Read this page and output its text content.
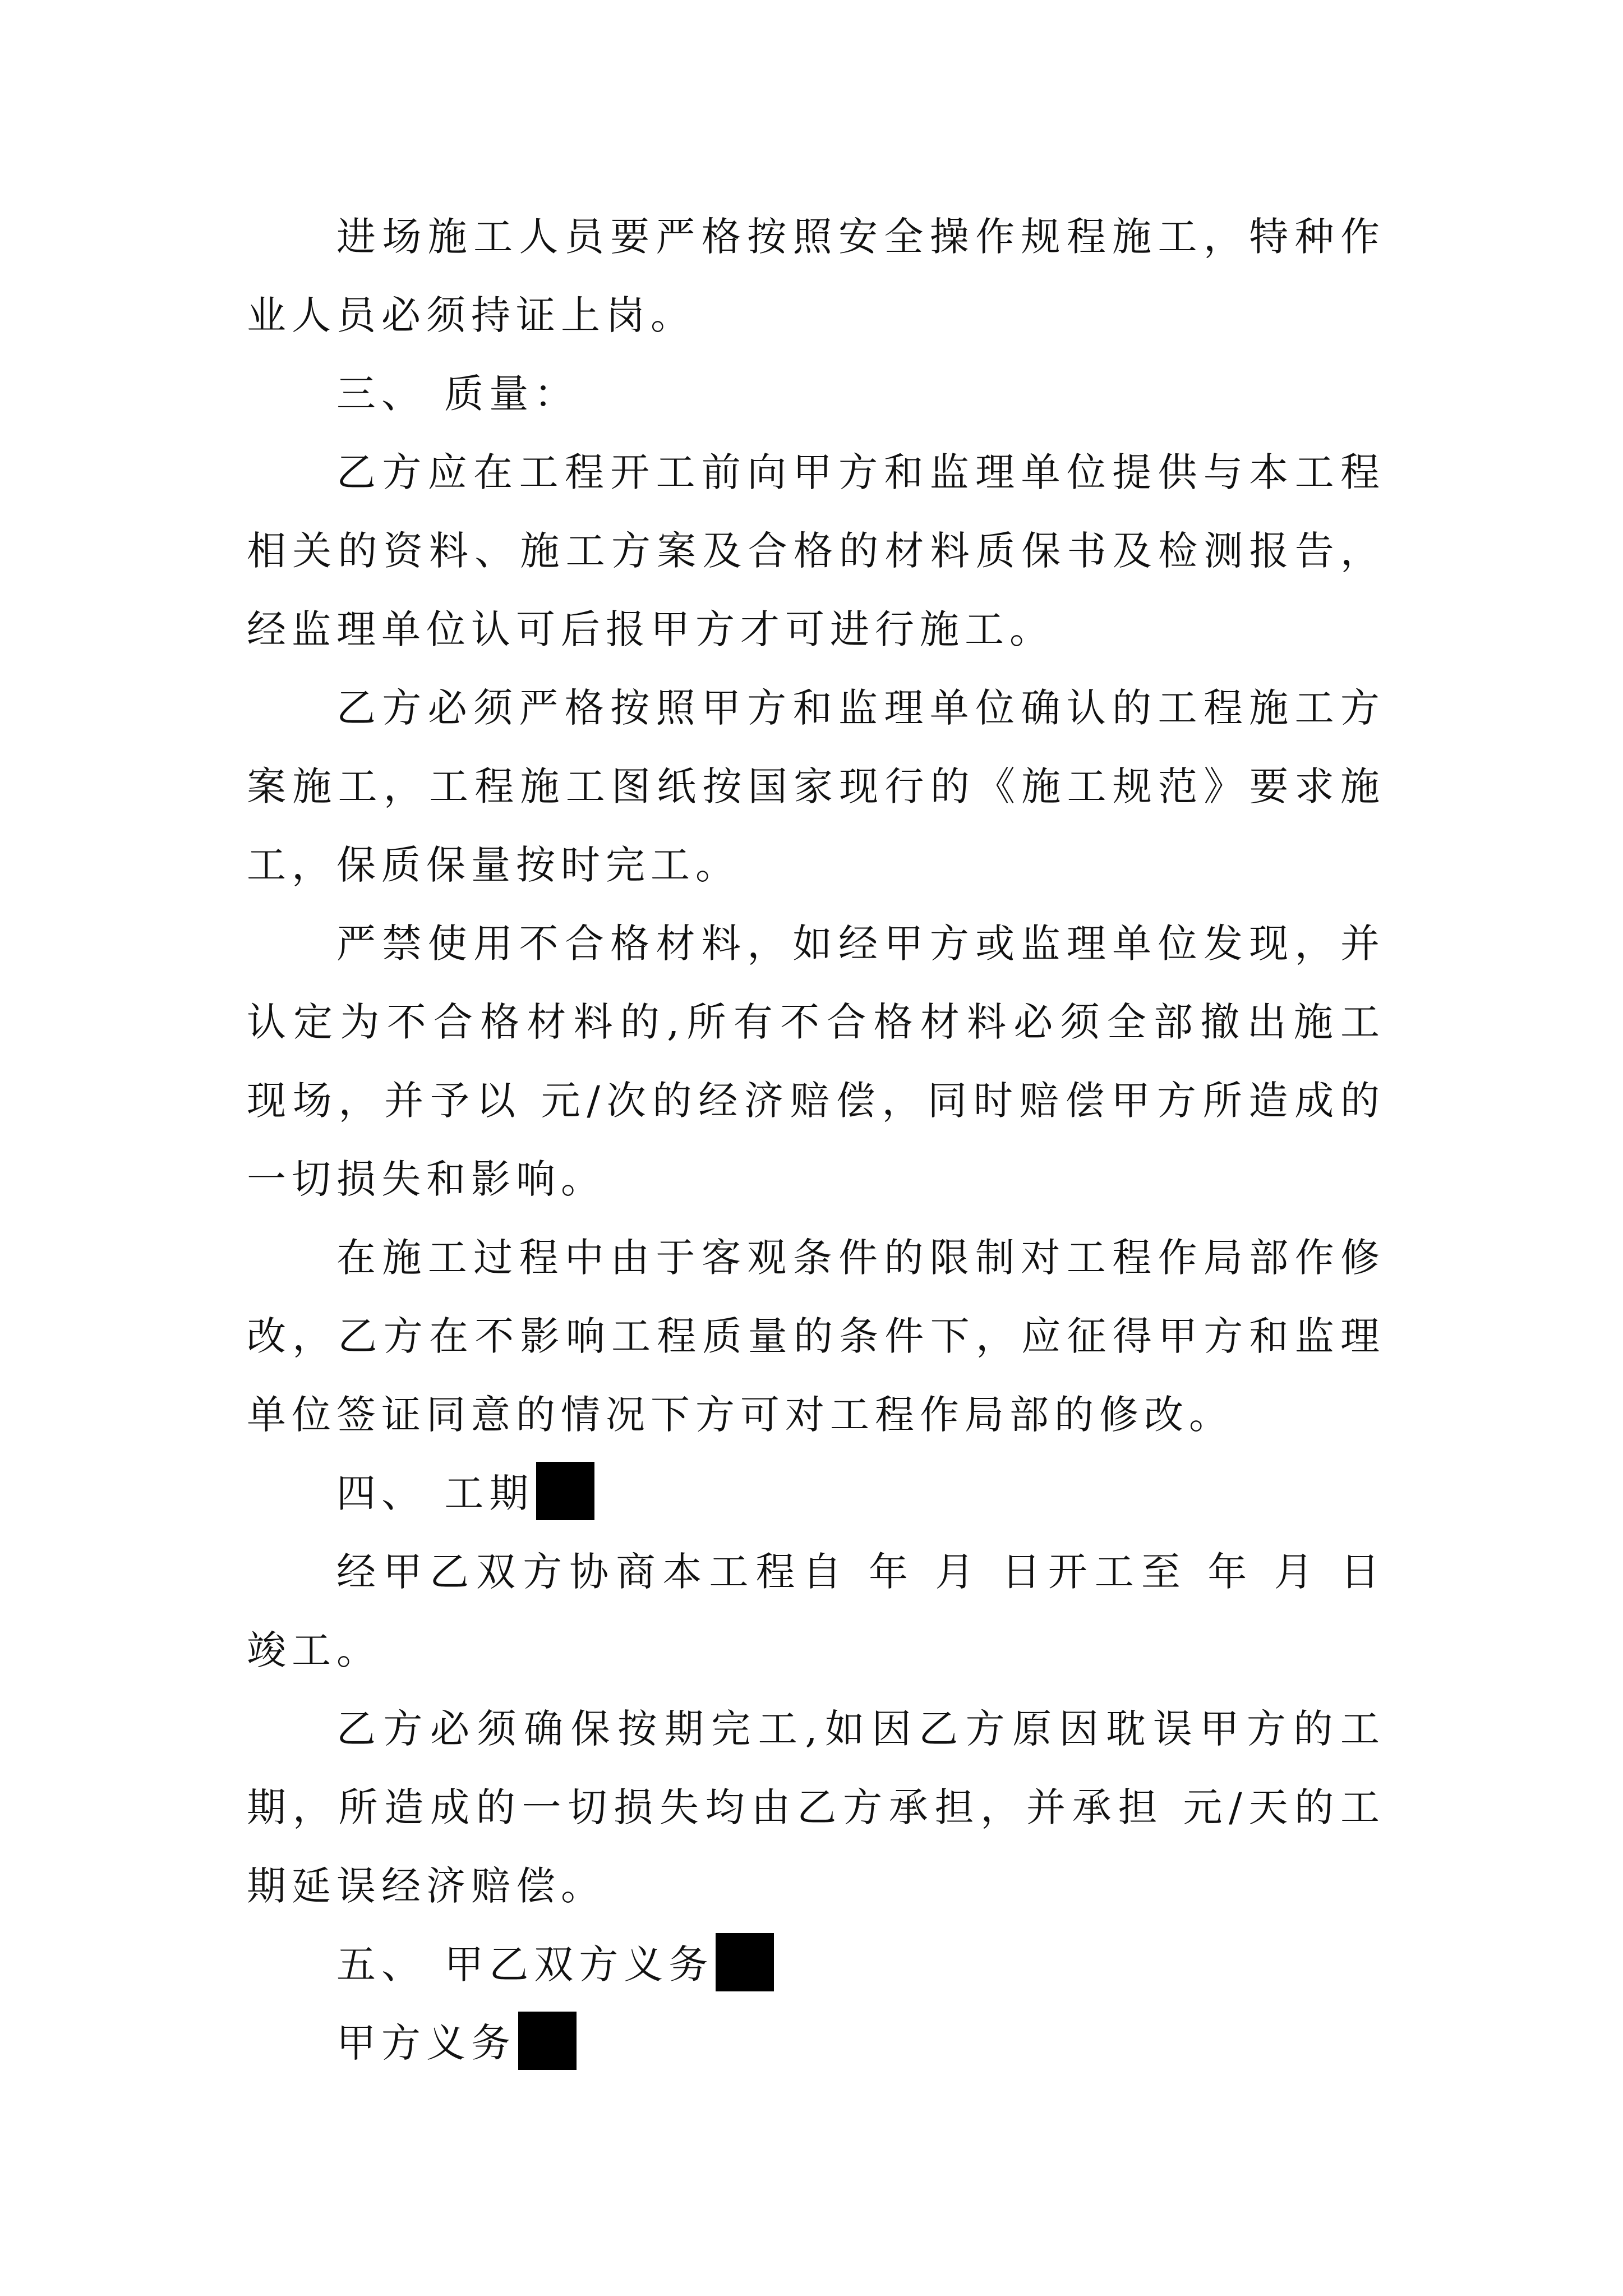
进场施工人员要严格按照安全操作规程施工，特种作业人员必须持证上岗。

三、 质量：

乙方应在工程开工前向甲方和监理单位提供与本工程相关的资料、施工方案及合格的材料质保书及检测报告，经监理单位认可后报甲方才可进行施工。

乙方必须严格按照甲方和监理单位确认的工程施工方案施工，工程施工图纸按国家现行的《施工规范》要求施工，保质保量按时完工。

严禁使用不合格材料，如经甲方或监理单位发现，并认定为不合格材料的,所有不合格材料必须全部撤出施工现场，并予以 元/次的经济赔偿，同时赔偿甲方所造成的一切损失和影响。

在施工过程中由于客观条件的限制对工程作局部作修改，乙方在不影响工程质量的条件下，应征得甲方和监理单位签证同意的情况下方可对工程作局部的修改。

四、 工期

经甲乙双方协商本工程自 年 月 日开工至 年 月 日竣工。

乙方必须确保按期完工,如因乙方原因耽误甲方的工期，所造成的一切损失均由乙方承担，并承担 元/天的工期延误经济赔偿。

五、 甲乙双方义务

甲方义务
